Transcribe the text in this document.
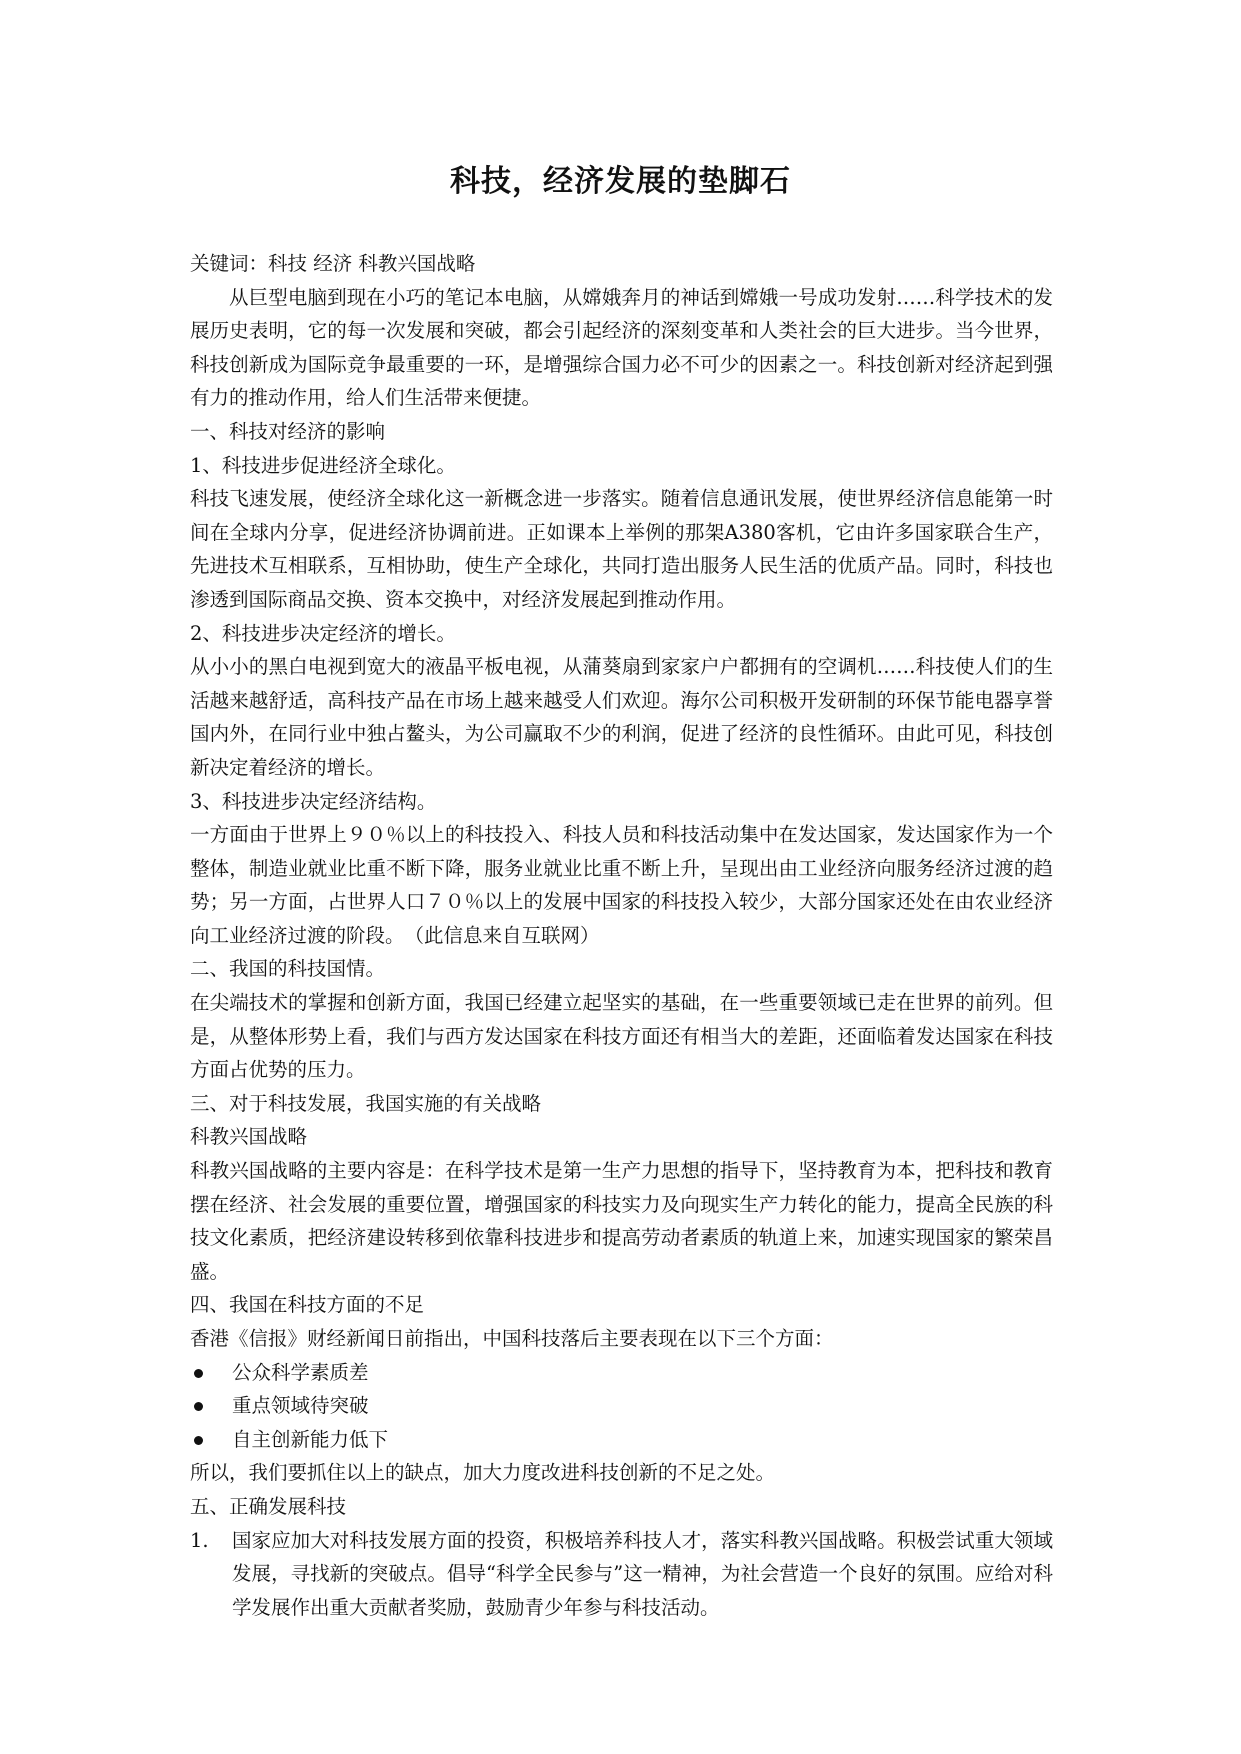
科技，经济发展的垫脚石

关键词：科技 经济 科教兴国战略

从巨型电脑到现在小巧的笔记本电脑，从嫦娥奔月的神话到嫦娥一号成功发射……科学技术的发展历史表明，它的每一次发展和突破，都会引起经济的深刻变革和人类社会的巨大进步。当今世界，科技创新成为国际竞争最重要的一环，是增强综合国力必不可少的因素之一。科技创新对经济起到强有力的推动作用，给人们生活带来便捷。

一、科技对经济的影响

1、科技进步促进经济全球化。

科技飞速发展，使经济全球化这一新概念进一步落实。随着信息通讯发展，使世界经济信息能第一时间在全球内分享，促进经济协调前进。正如课本上举例的那架A380客机，它由许多国家联合生产，先进技术互相联系，互相协助，使生产全球化，共同打造出服务人民生活的优质产品。同时，科技也渗透到国际商品交换、资本交换中，对经济发展起到推动作用。

2、科技进步决定经济的增长。

从小小的黑白电视到宽大的液晶平板电视，从蒲葵扇到家家户户都拥有的空调机……科技使人们的生活越来越舒适，高科技产品在市场上越来越受人们欢迎。海尔公司积极开发研制的环保节能电器享誉国内外，在同行业中独占鳌头，为公司赢取不少的利润，促进了经济的良性循环。由此可见，科技创新决定着经济的增长。

3、科技进步决定经济结构。

一方面由于世界上９０％以上的科技投入、科技人员和科技活动集中在发达国家，发达国家作为一个整体，制造业就业比重不断下降，服务业就业比重不断上升，呈现出由工业经济向服务经济过渡的趋势；另一方面，占世界人口７０％以上的发展中国家的科技投入较少，大部分国家还处在由农业经济向工业经济过渡的阶段。　（此信息来自互联网）

二、我国的科技国情。

在尖端技术的掌握和创新方面，我国已经建立起坚实的基础，在一些重要领域已走在世界的前列。但是，从整体形势上看，我们与西方发达国家在科技方面还有相当大的差距，还面临着发达国家在科技方面占优势的压力。

三、对于科技发展，我国实施的有关战略

科教兴国战略

科教兴国战略的主要内容是：在科学技术是第一生产力思想的指导下，坚持教育为本，把科技和教育摆在经济、社会发展的重要位置，增强国家的科技实力及向现实生产力转化的能力，提高全民族的科技文化素质，把经济建设转移到依靠科技进步和提高劳动者素质的轨道上来，加速实现国家的繁荣昌盛。

四、我国在科技方面的不足

香港《信报》财经新闻日前指出，中国科技落后主要表现在以下三个方面：

公众科学素质差
重点领域待突破
自主创新能力低下

所以，我们要抓住以上的缺点，加大力度改进科技创新的不足之处。

五、正确发展科技

1. 国家应加大对科技发展方面的投资，积极培养科技人才，落实科教兴国战略。积极尝试重大领域发展，寻找新的突破点。倡导“科学全民参与”这一精神，为社会营造一个良好的氛围。应给对科学发展作出重大贡献者奖励，鼓励青少年参与科技活动。
